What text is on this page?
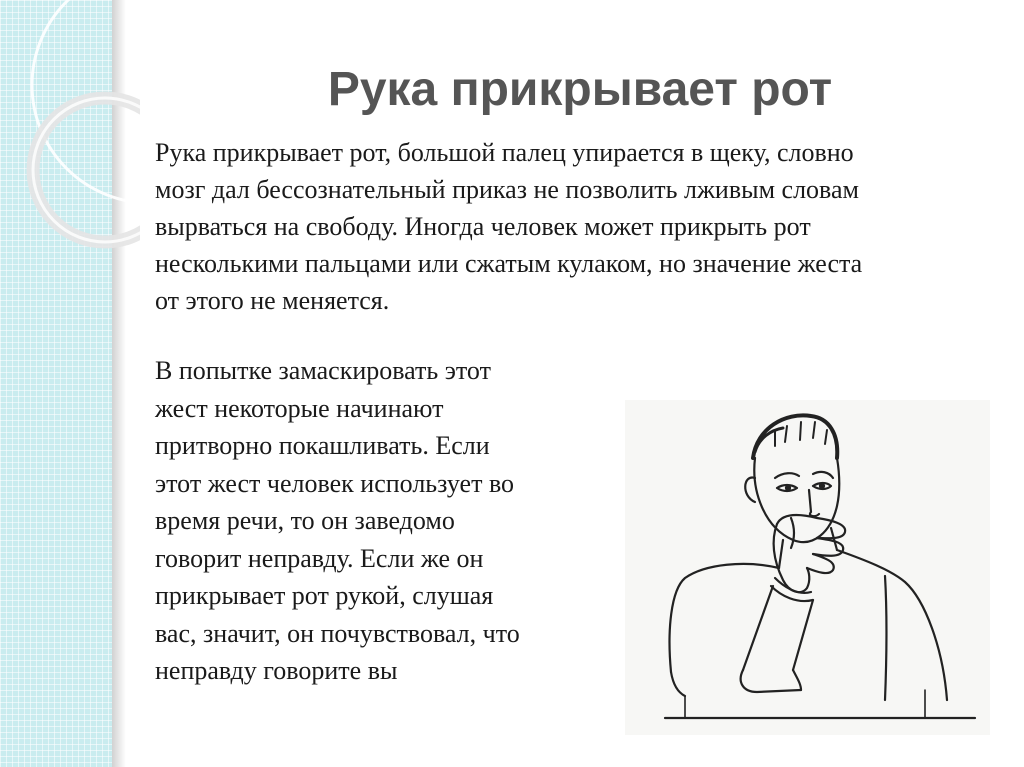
Рука прикрывает рот

Рука прикрывает рот, большой палец упирается в щеку, словно мозг дал бессознательный приказ не позволить лживым словам вырваться на свободу. Иногда человек может прикрыть рот несколькими пальцами или сжатым кулаком, но значение жеста от этого не меняется.

В попытке замаскировать этот жест некоторые начинают притворно покашливать. Если этот жест человек использует во время речи, то он заведомо говорит неправду. Если же он прикрывает рот рукой, слушая вас, значит, он почувствовал, что неправду говорите вы
